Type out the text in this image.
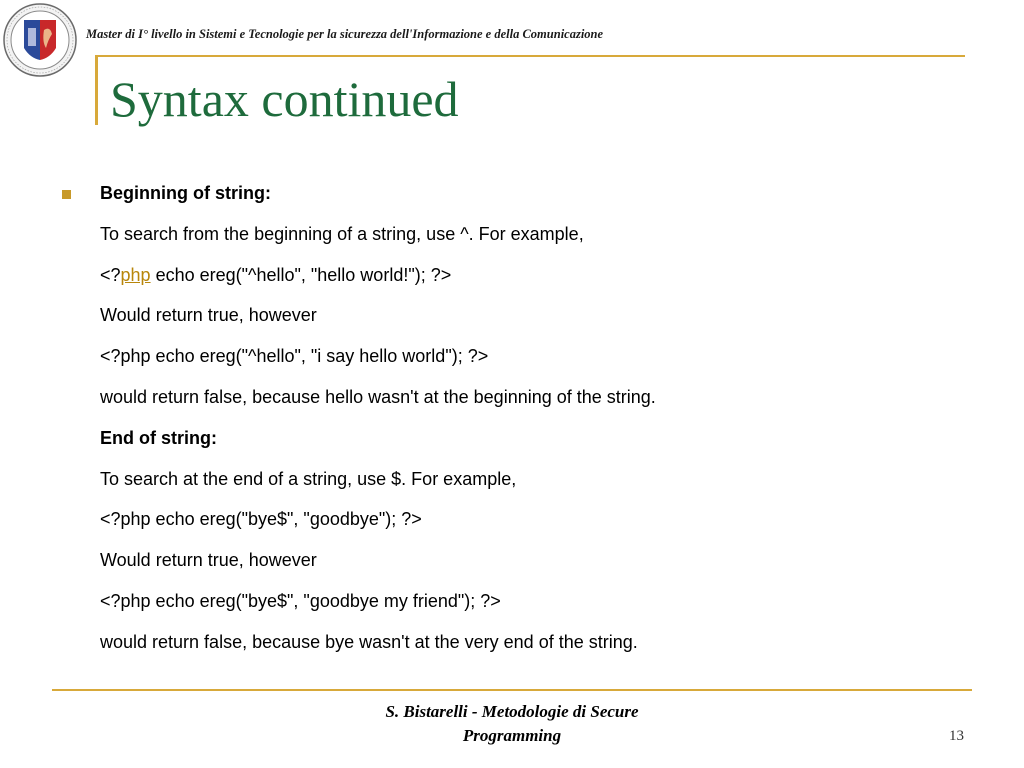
Master di I° livello in Sistemi e Tecnologie per la sicurezza dell'Informazione e della Comunicazione
Syntax continued
Beginning of string:
To search from the beginning of a string, use ^. For example,
<?php echo ereg("^hello", "hello world!"); ?>
Would return true, however
<?php echo ereg("^hello", "i say hello world"); ?>
would return false, because hello wasn't at the beginning of the string.
End of string:
To search at the end of a string, use $. For example,
<?php echo ereg("bye$", "goodbye"); ?>
Would return true, however
<?php echo ereg("bye$", "goodbye my friend"); ?>
would return false, because bye wasn't at the very end of the string.
S. Bistarelli - Metodologie di Secure
Programming	13
